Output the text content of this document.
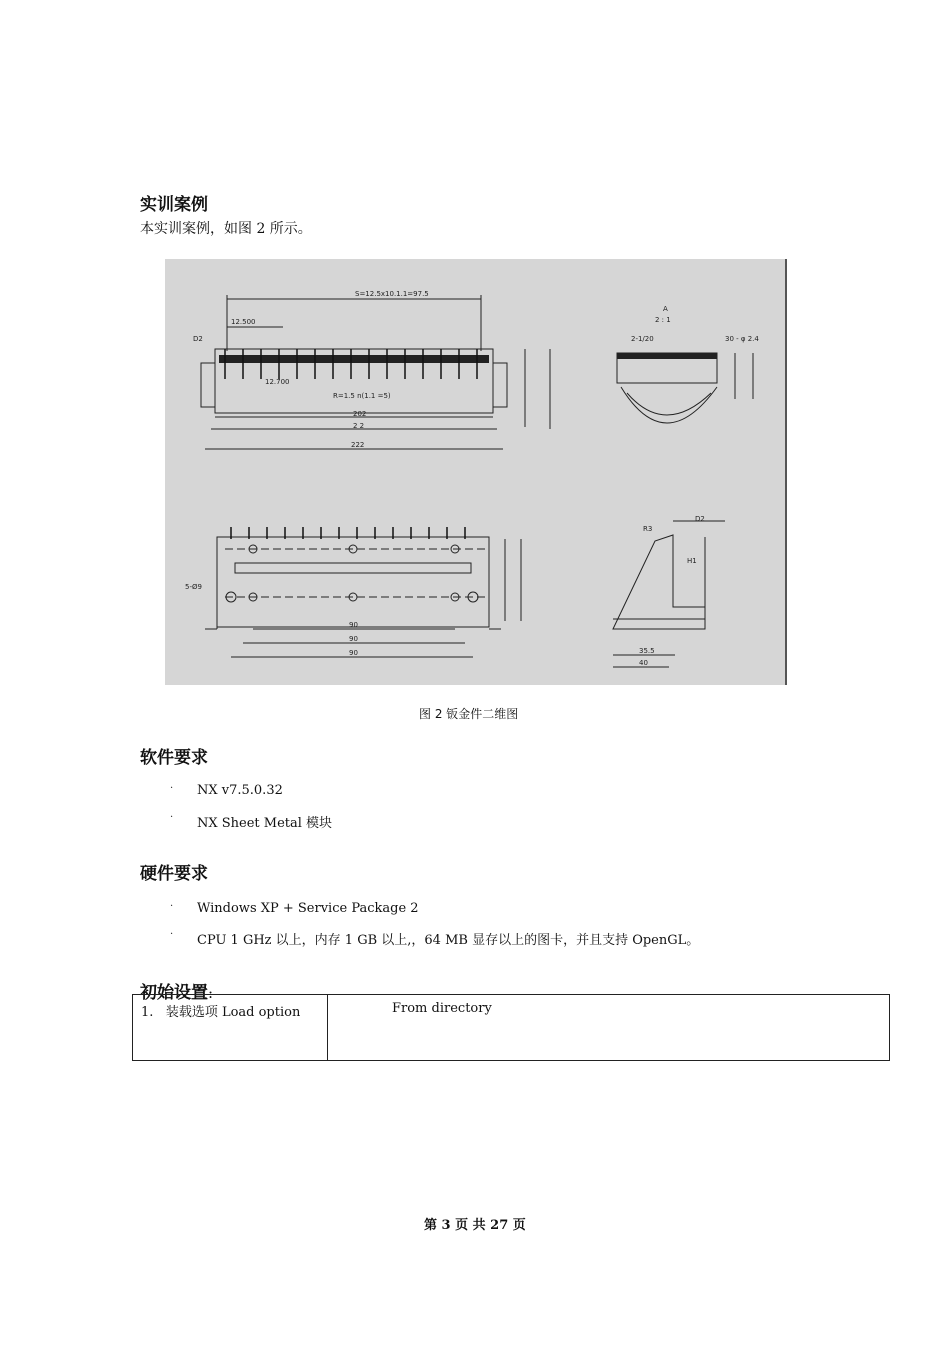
实训案例
本实训案例，如图 2 所示。
S=12.5x10.1.1=97.5
12.500
12.700
R=1.5 n(1.1 =5)
D2
202
2 2
222
A
2 : 1
2-1/20	30 - φ 2.4
5-Ø9
90
90
90
R3
H1
D2
35.5
40
图 2 钣金件二维图
软件要求
· NX v7.5.0.32
· NX Sheet Metal 模块
硬件要求
· Windows XP + Service Package 2
· CPU 1 GHz 以上，内存 1 GB 以上,，64 MB 显存以上的图卡，并且支持 OpenGL。
初始设置:
1. 装载选项 Load option	From directory
第 3 页 共 27 页
